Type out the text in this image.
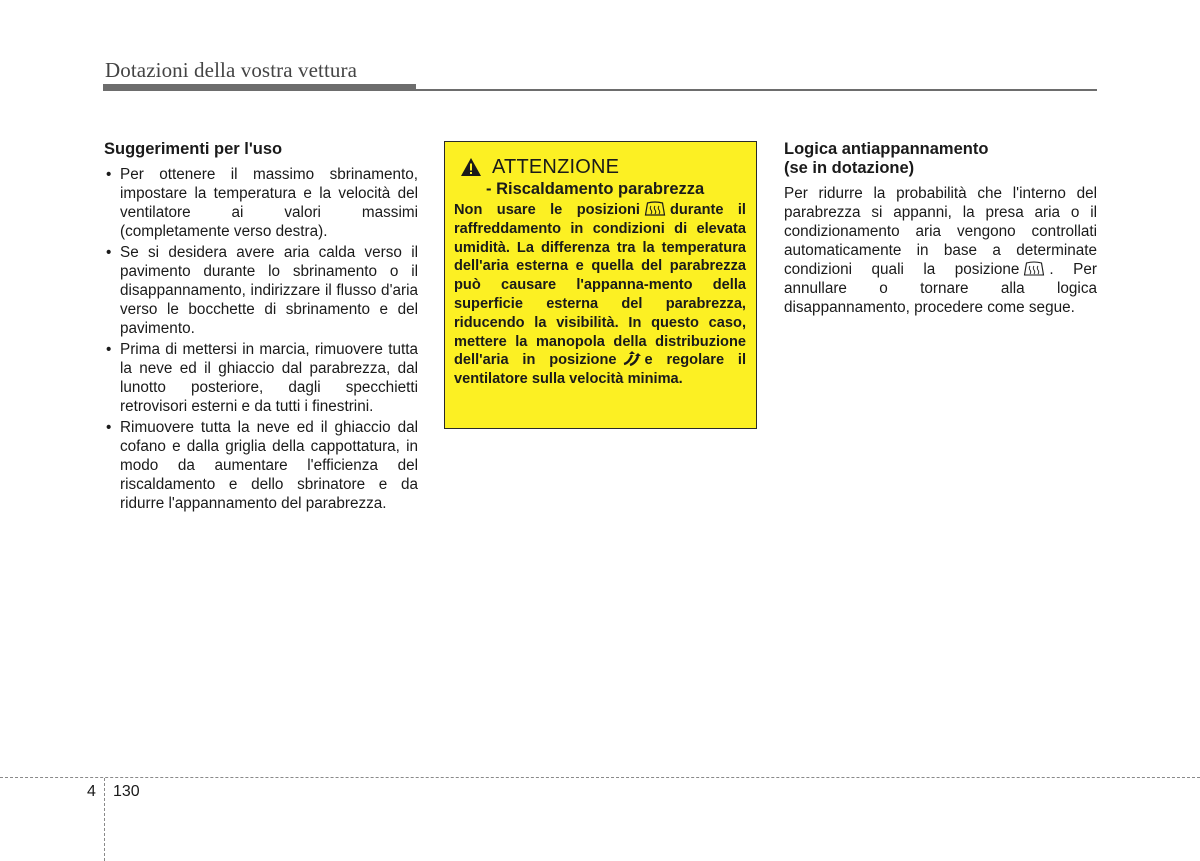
Dotazioni della vostra vettura
Suggerimenti per l'uso
• Per ottenere il massimo sbrinamento, impostare la temperatura e la velocità del ventilatore ai valori massimi (completamente verso destra).
• Se si desidera avere aria calda verso il pavimento durante lo sbrinamento o il disappannamento, indirizzare il flusso d'aria verso le bocchette di sbrinamento e del pavimento.
• Prima di mettersi in marcia, rimuovere tutta la neve ed il ghiaccio dal parabrezza, dal lunotto posteriore, dagli specchietti retrovisori esterni e da tutti i finestrini.
• Rimuovere tutta la neve ed il ghiaccio dal cofano e dalla griglia della cappottatura, in modo da aumentare l'efficienza del riscaldamento e dello sbrinatore e da ridurre l'appannamento del parabrezza.
ATTENZIONE
- Riscaldamento parabrezza
Non usare le posizioni durante il raffreddamento in condizioni di elevata umidità. La differenza tra la temperatura dell'aria esterna e quella del parabrezza può causare l'appanna-mento della superficie esterna del parabrezza, riducendo la visibilità. In questo caso, mettere la manopola della distribuzione dell'aria in posizione e regolare il ventilatore sulla velocità minima.
Logica antiappannamento
(se in dotazione)

Per ridurre la probabilità che l'interno del parabrezza si appanni, la presa aria o il condizionamento aria vengono controllati automaticamente in base a determinate condizioni quali la posizione . Per annullare o tornare alla logica disappannamento, procedere come segue.

4 130
